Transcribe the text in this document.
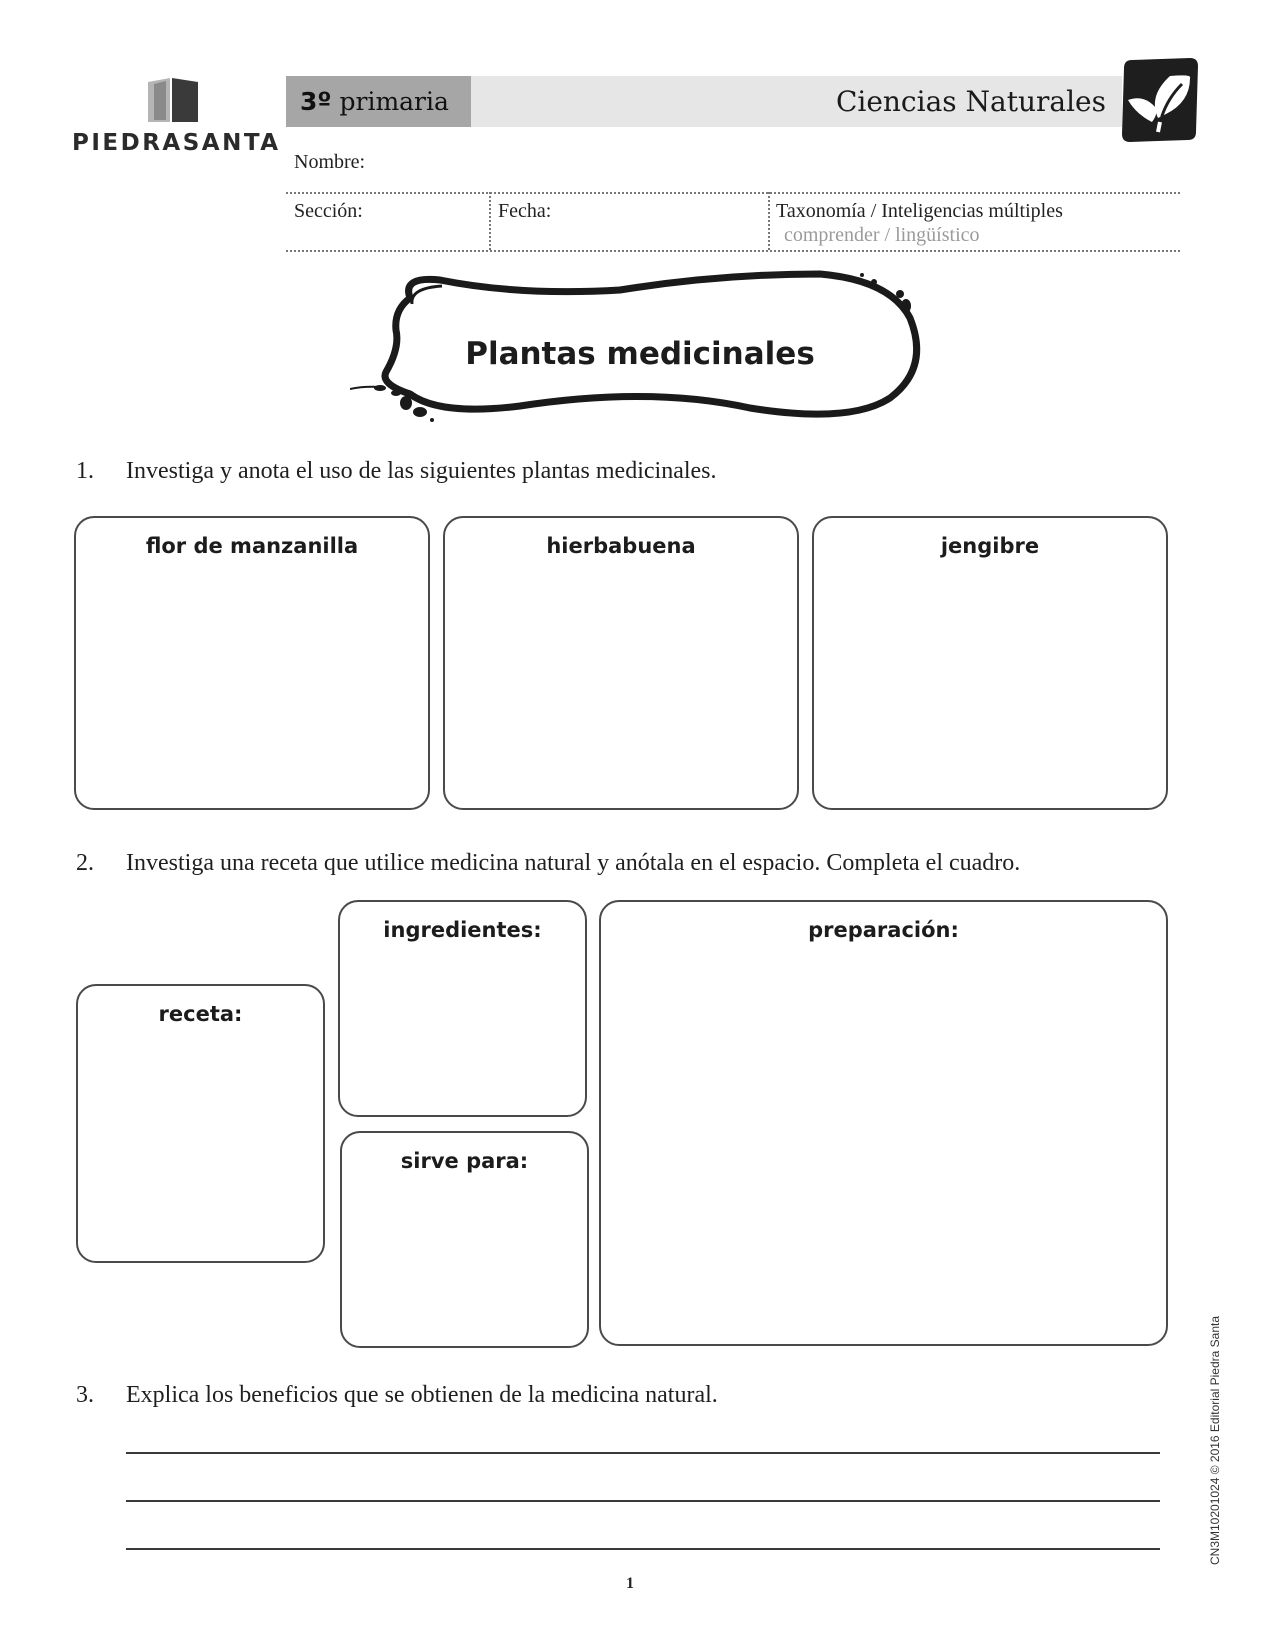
PIEDRASANTA
3º primaria	Ciencias Naturales
Nombre:
Sección:	Fecha:	Taxonomía / Inteligencias múltiples
comprender / lingüístico
Plantas medicinales
1. Investiga y anota el uso de las siguientes plantas medicinales.
flor de manzanilla	hierbabuena	jengibre
2. Investiga una receta que utilice medicina natural y anótala en el espacio. Completa el cuadro.
receta:
ingredientes:
sirve para:
preparación:
3. Explica los beneficios que se obtienen de la medicina natural.
1
CN3M10201024 © 2016 Editorial Piedra Santa
